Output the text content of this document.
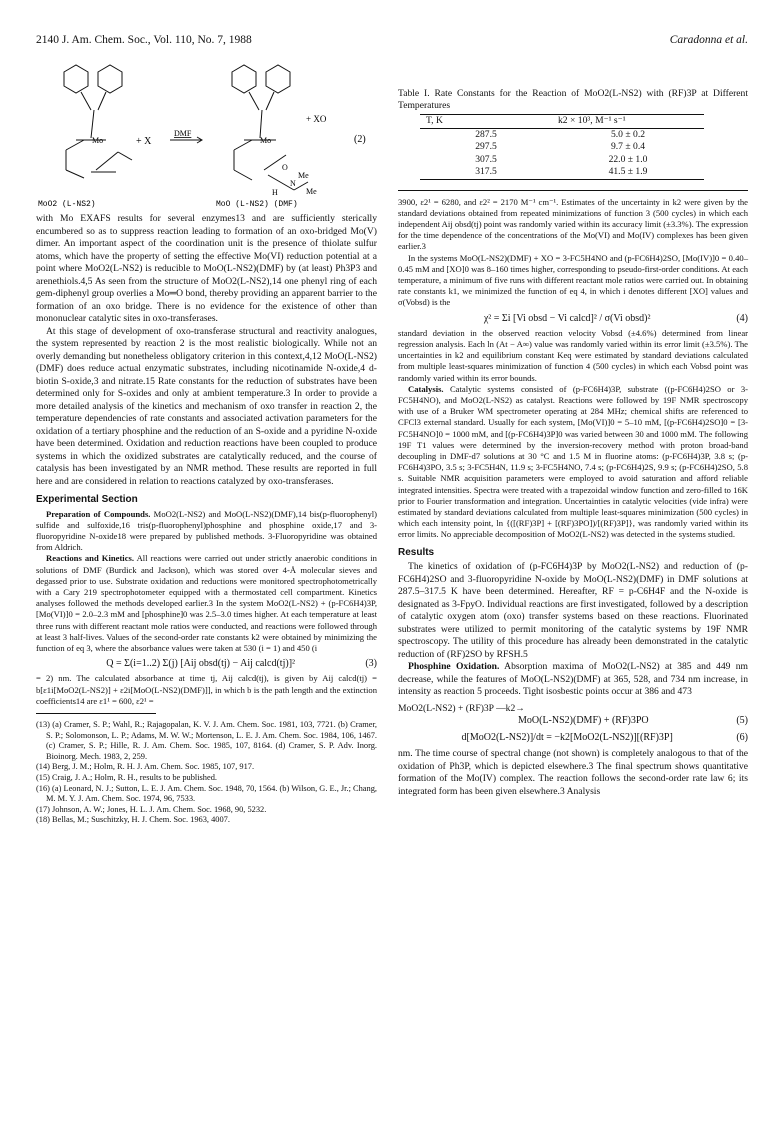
2140 J. Am. Chem. Soc., Vol. 110, No. 7, 1988	Caradonna et al.
Mo	+ X
DMF
Mo
+ XO
N
Me
Me
O
H
(2)
MoO2 (L-NS2)	MoO (L-NS2) (DMF)

with Mo EXAFS results for several enzymes13 and are sufficiently sterically encumbered so as to suppress reaction leading to formation of an oxo-bridged Mo(V) dimer. An important aspect of the coordination unit is the presence of thiolate sulfur atoms, which have the property of setting the effective Mo(VI) reduction potential at a point where MoO2(L-NS2) is reducible to MoO(L-NS2)(DMF) by (at least) Ph3P3 and arenethiols.4,5 As seen from the structure of MoO2(L-NS2),14 one phenyl ring of each gem-diphenyl group overlies a Mo═O bond, thereby providing an apparent barrier to the formation of an oxo bridge. There is no evidence for the existence of other than mononuclear catalytic sites in oxo-transferases.

At this stage of development of oxo-transferase structural and reactivity analogues, the system represented by reaction 2 is the most realistic biologically. While not an overly demanding but nonetheless obligatory criterion in this context,4,12 MoO(L-NS2)(DMF) does reduce actual enzymatic substrates, including nicotinamide N-oxide,4 d-biotin S-oxide,3 and nitrate.15 Rate constants for the reduction of substrates have been determined only for S-oxides and only at ambient temperature.3 In order to provide a more detailed analysis of the kinetics and mechanism of oxo transfer in reaction 2, the temperature dependencies of rate constants and associated activation parameters for the oxidation of a tertiary phosphine and the reduction of an S-oxide and a pyridine N-oxide have been determined. Oxidation and reduction reactions have been coupled to produce systems in which the oxidized substrates are catalytically reduced, and the course of catalysis has been investigated by an NMR method. These results are reported in full here and are considered in relation to reactions catalyzed by oxo-transferases.

Experimental Section

Preparation of Compounds. MoO2(L-NS2) and MoO(L-NS2)(DMF),14 bis(p-fluorophenyl) sulfide and sulfoxide,16 tris(p-fluorophenyl)phosphine and phosphine oxide,17 and 3-fluoropyridine N-oxide18 were prepared by published methods. 3-Fluoropyridine was obtained from Aldrich.

Reactions and Kinetics. All reactions were carried out under strictly anaerobic conditions in solutions of DMF (Burdick and Jackson), which was stored over 4-Å molecular sieves and degassed prior to use. Substrate oxidation and reductions were monitored spectrophotometrically with a Cary 219 spectrophotometer equipped with a thermostated cell compartment. Kinetics analyses followed the methods developed earlier.3 In the system MoO2(L-NS2) + (p-FC6H4)3P, [Mo(VI)]0 = 2.0–2.3 mM and [phosphine]0 was 2.5–3.0 times higher. At each temperature at least three runs with different reactant mole ratios were conducted, and reactions were followed through at least 3 half-lives. Values of the second-order rate constants k2 were obtained by minimizing the function of eq 3, where the absorbance values were taken at 530 (i = 1) and 450 (i

Q = Σ(i=1..2) Σ(j) [Aij obsd(tj) − Aij calcd(tj)]²	(3)

= 2) nm. The calculated absorbance at time tj, Aij calcd(tj), is given by Aij calcd(tj) = b[ε1i[MoO2(L-NS2)] + ε2i[MoO(L-NS2)(DMF)]], in which b is the path length and the extinction coefficients14 are ε1¹ = 600, ε2¹ =

(13) (a) Cramer, S. P.; Wahl, R.; Rajagopalan, K. V. J. Am. Chem. Soc. 1981, 103, 7721. (b) Cramer, S. P.; Solomonson, L. P.; Adams, M. W. W.; Mortenson, L. E. J. Am. Chem. Soc. 1984, 106, 1467. (c) Cramer, S. P.; Hille, R. J. Am. Chem. Soc. 1985, 107, 8164. (d) Cramer, S. P. Adv. Inorg. Bioinorg. Mech. 1983, 2, 259.
(14) Berg, J. M.; Holm, R. H. J. Am. Chem. Soc. 1985, 107, 917.
(15) Craig, J. A.; Holm, R. H., results to be published.
(16) (a) Leonard, N. J.; Sutton, L. E. J. Am. Chem. Soc. 1948, 70, 1564. (b) Wilson, G. E., Jr.; Chang, M. M. Y. J. Am. Chem. Soc. 1974, 96, 7533.
(17) Johnson, A. W.; Jones, H. L. J. Am. Chem. Soc. 1968, 90, 5232.
(18) Bellas, M.; Suschitzky, H. J. Chem. Soc. 1963, 4007.
Table I. Rate Constants for the Reaction of MoO2(L-NS2) with (RF)3P at Different Temperatures
T, K	k2 × 10³, M⁻¹ s⁻¹
287.5	5.0 ± 0.2
297.5	9.7 ± 0.4
307.5	22.0 ± 1.0
317.5	41.5 ± 1.9

3900, ε2¹ = 6280, and ε2² = 2170 M⁻¹ cm⁻¹. Estimates of the uncertainty in k2 were given by the standard deviations obtained from repeated minimizations of function 3 (500 cycles) in which each independent Aij obsd(tj) point was randomly varied within its accuracy limit (±3.3%). The expression for the time dependence of the concentrations of the Mo(VI) and Mo(IV) complexes has been given earlier.3

In the systems MoO(L-NS2)(DMF) + XO = 3-FC5H4NO and (p-FC6H4)2SO, [Mo(IV)]0 = 0.40–0.45 mM and [XO]0 was 8–160 times higher, corresponding to pseudo-first-order conditions. At each temperature, a minimum of five runs with different reactant mole ratios were carried out. In obtaining rate constants k1, we minimized the function of eq 4, in which i denotes different [XO] values and σ(Vobsd) is the

χ² = Σi [Vi obsd − Vi calcd]² / σ(Vi obsd)²	(4)

standard deviation in the observed reaction velocity Vobsd (±4.6%) determined from linear regression analysis. Each ln (At − A∞) value was randomly varied within its error limit (±3.5%). The uncertainties in k2 and equilibrium constant Keq were estimated by standard deviations calculated from multiple least-squares minimization of function 4 (500 cycles) in which each Vobsd point was randomly varied within its error bounds.

Catalysis. Catalytic systems consisted of (p-FC6H4)3P, substrate ((p-FC6H4)2SO or 3-FC5H4NO), and MoO2(L-NS2) as catalyst. Reactions were followed by 19F NMR spectroscopy with use of a Bruker WM spectrometer operating at 284 MHz; chemical shifts are referenced to CFCl3 external standard. Usually for each system, [Mo(VI)]0 = 5–10 mM, [(p-FC6H4)2SO]0 = [3-FC5H4NO]0 = 1000 mM, and [(p-FC6H4)3P]0 was varied between 30 and 1000 mM. The following 19F T1 values were determined by the inversion-recovery method with proton broad-band decoupling in DMF-d7 solutions at 30 °C and 1.5 M in fluorine atoms: (p-FC6H4)3P, 3.8 s; (p-FC6H4)3PO, 3.5 s; 3-FC5H4N, 11.9 s; 3-FC5H4NO, 7.4 s; (p-FC6H4)2S, 9.9 s; (p-FC6H4)2SO, 5.8 s. Suitable NMR acquisition parameters were employed to avoid saturation and afford reliable integrated intensities. Spectra were treated with a trapezoidal window function and zero-filled to 16K prior to Fourier transformation and integration. Uncertainties in catalytic velocities (vide infra) were estimated by standard deviations calculated from multiple least-squares minimization (500 cycles) in which each intensity point, ln {([(RF)3P] + [(RF)3PO])/[(RF)3P]}, was randomly varied within its error limits. No appreciable decomposition of MoO2(L-NS2) was detected in the systems studied.

Results

The kinetics of oxidation of (p-FC6H4)3P by MoO2(L-NS2) and reduction of (p-FC6H4)2SO and 3-fluoropyridine N-oxide by MoO(L-NS2)(DMF) in DMF solutions at 287.5–317.5 K have been determined. Hereafter, RF = p-C6H4F and the N-oxide is designated as 3-FpyO. Individual reactions are first investigated, followed by a description of catalytic oxygen atom (oxo) transfer systems based on these reactions. Fluorinated substrates were utilized to permit monitoring of the catalytic systems by 19F NMR spectroscopy. The utility of this procedure has already been demonstrated in the catalytic reduction of (RF)2SO by RFSH.5

Phosphine Oxidation. Absorption maxima of MoO2(L-NS2) at 385 and 449 nm decrease, while the features of MoO(L-NS2)(DMF) at 365, 528, and 734 nm increase, in intensity as reaction 5 proceeds. Tight isosbestic points occur at 386 and 473

MoO2(L-NS2) + (RF)3P —k2→
MoO(L-NS2)(DMF) + (RF)3PO	(5)
d[MoO2(L-NS2)]/dt = −k2[MoO2(L-NS2)][(RF)3P]	(6)

nm. The time course of spectral change (not shown) is completely analogous to that of the oxidation of Ph3P, which is depicted elsewhere.3 The final spectrum shows quantitative formation of the Mo(IV) complex. The reaction follows the second-order rate law 6; its integrated form has been given elsewhere.3 Analysis
